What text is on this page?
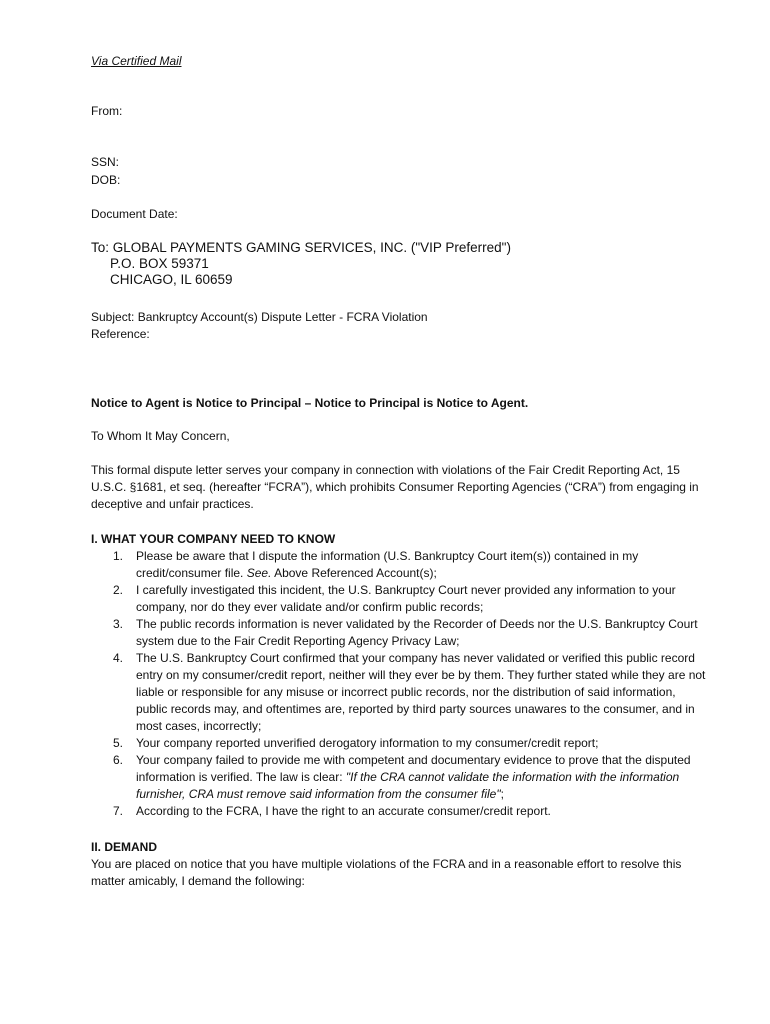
Via Certified Mail
From:
SSN:
DOB:
Document Date:
To: GLOBAL PAYMENTS GAMING SERVICES, INC. ("VIP Preferred")
P.O. BOX 59371
CHICAGO, IL 60659
Subject: Bankruptcy Account(s) Dispute Letter - FCRA Violation
Reference:
Notice to Agent is Notice to Principal – Notice to Principal is Notice to Agent.
To Whom It May Concern,

This formal dispute letter serves your company in connection with violations of the Fair Credit Reporting Act, 15 U.S.C. §1681, et seq. (hereafter “FCRA”), which prohibits Consumer Reporting Agencies (“CRA”) from engaging in deceptive and unfair practices.

I. WHAT YOUR COMPANY NEED TO KNOW
1. Please be aware that I dispute the information (U.S. Bankruptcy Court item(s)) contained in my credit/consumer file. See. Above Referenced Account(s);
2. I carefully investigated this incident, the U.S. Bankruptcy Court never provided any information to your company, nor do they ever validate and/or confirm public records;
3. The public records information is never validated by the Recorder of Deeds nor the U.S. Bankruptcy Court system due to the Fair Credit Reporting Agency Privacy Law;
4. The U.S. Bankruptcy Court confirmed that your company has never validated or verified this public record entry on my consumer/credit report, neither will they ever be by them. They further stated while they are not liable or responsible for any misuse or incorrect public records, nor the distribution of said information, public records may, and oftentimes are, reported by third party sources unawares to the consumer, and in most cases, incorrectly;
5. Your company reported unverified derogatory information to my consumer/credit report;
6. Your company failed to provide me with competent and documentary evidence to prove that the disputed information is verified. The law is clear: "If the CRA cannot validate the information with the information furnisher, CRA must remove said information from the consumer file";
7. According to the FCRA, I have the right to an accurate consumer/credit report.
II. DEMAND

You are placed on notice that you have multiple violations of the FCRA and in a reasonable effort to resolve this matter amicably, I demand the following:
